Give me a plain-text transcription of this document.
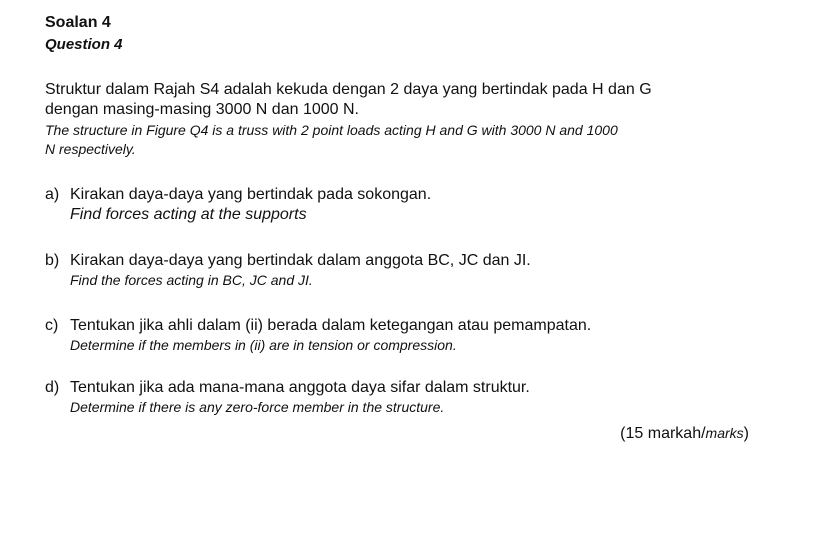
Soalan 4
Question 4

Struktur dalam Rajah S4 adalah kekuda dengan 2 daya yang bertindak pada H dan G
dengan masing-masing 3000 N dan 1000 N.

The structure in Figure Q4 is a truss with 2 point loads acting H and G with 3000 N and 1000
N respectively.

a) Kirakan daya-daya yang bertindak pada sokongan.
Find forces acting at the supports
b) Kirakan daya-daya yang bertindak dalam anggota BC, JC dan JI.
Find the forces acting in BC, JC and JI.
c) Tentukan jika ahli dalam (ii) berada dalam ketegangan atau pemampatan.
Determine if the members in (ii) are in tension or compression.
d) Tentukan jika ada mana-mana anggota daya sifar dalam struktur.
Determine if there is any zero-force member in the structure.
(15 markah/marks)
